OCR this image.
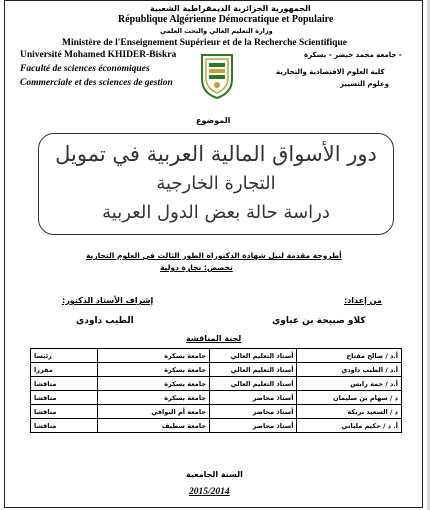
الجمهورية الجزائرية الديمقراطية الشعبية
République Algérienne Démocratique et Populaire
وزارة التعليم العالي والبحث العلمي
Ministère de l'Enseignement Supérieur et de la Recherche Scientifique
Université Mohamed KHIDER-Biskra	جامعة محمد خيضر - بسكرة -
Faculté de sciences économiques	كلية العلوم الاقتصادية والتجارية
وعلوم التسيير
Commerciale et des sciences de gestion
الموضوع
دور الأسواق المالية العربية في تمويل
التجارة الخارجية
دراسة حالة بعض الدول العربية
أطروحة مقدمة لنيل شهادة الدكتوراه الطور الثالث في العلوم التجارية
تخصص: تجارة دولية
إشراف الأستاذ الدكتور:	من إعداد:
الطيب داودي	كلاو صبيحة بن عياوي
لجنة المناقشة
أ.د / صالح مفتاح	أستاذ التعليم العالي	جامعة بسكرة	رئيسا
أ.د / الطيب داودي	أستاذ التعليم العالي	جامعة بسكرة	مقررا
أ.د / حمة رايس	أستاذ التعليم العالي	جامعة بسكرة	مناقشا
د / سهام بن سليمان	أستاذ محاضر	جامعة بسكرة	مناقشا
د / السعيد بريكة	أستاذ محاضر	جامعة أم البواقي	مناقشا
أ. د / حكيم ملياني	أستاذ محاضر	جامعة سطيف	مناقشا
السنة الجامعية
2015/2014
